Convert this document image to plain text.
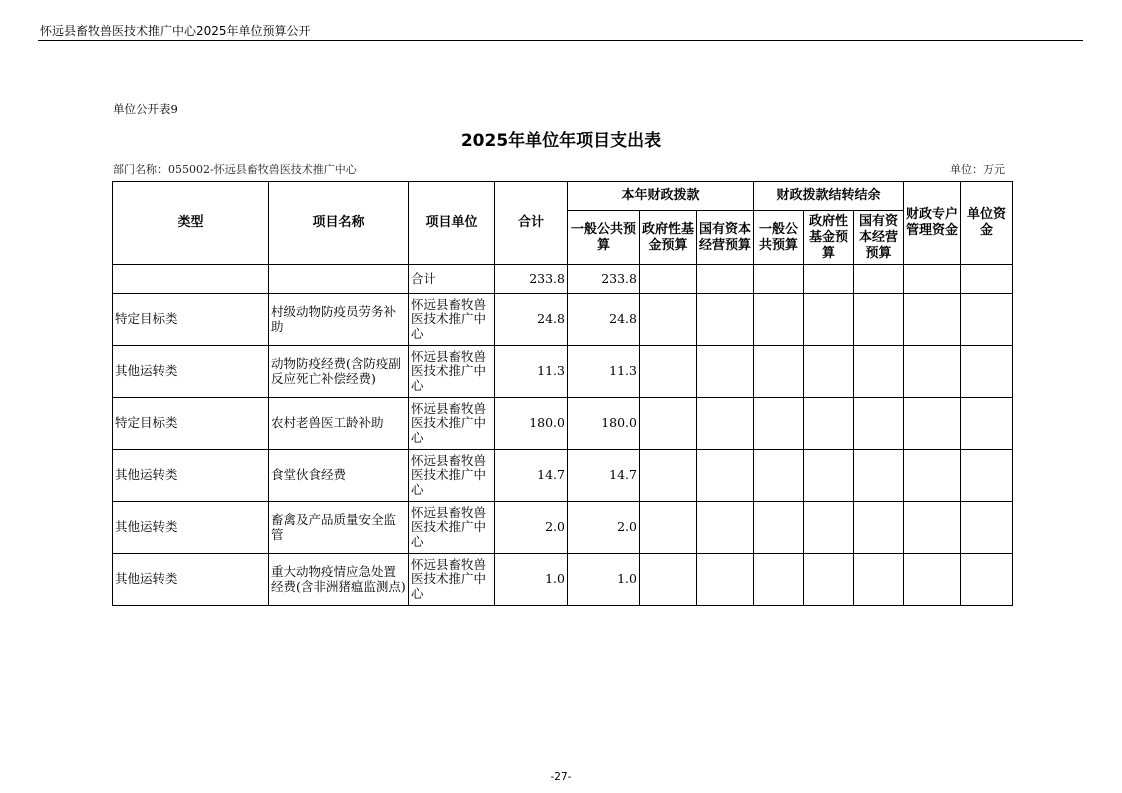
怀远县畜牧兽医技术推广中心2025年单位预算公开
单位公开表9
2025年单位年项目支出表
部门名称：055002-怀远县畜牧兽医技术推广中心	单位：万元
类型	项目名称	项目单位	合计	本年财政拨款			财政拨款结转结余			财政专户管理资金	单位资金
				一般公共预算	政府性基金预算	国有资本经营预算	一般公共预算	政府性基金预算	国有资本经营预算		
		合计	233.8	233.8							
特定目标类	村级动物防疫员劳务补助	怀远县畜牧兽医技术推广中心	24.8	24.8							
其他运转类	动物防疫经费(含防疫副反应死亡补偿经费)	怀远县畜牧兽医技术推广中心	11.3	11.3							
特定目标类	农村老兽医工龄补助	怀远县畜牧兽医技术推广中心	180.0	180.0							
其他运转类	食堂伙食经费	怀远县畜牧兽医技术推广中心	14.7	14.7							
其他运转类	畜禽及产品质量安全监管	怀远县畜牧兽医技术推广中心	2.0	2.0							
其他运转类	重大动物疫情应急处置经费(含非洲猪瘟监测点)	怀远县畜牧兽医技术推广中心	1.0	1.0							
-27-
